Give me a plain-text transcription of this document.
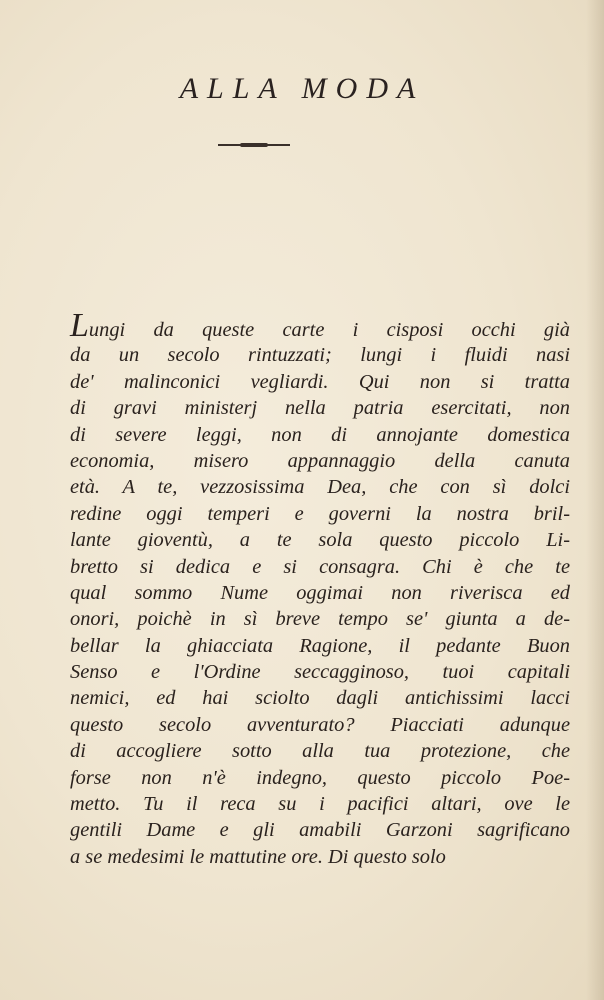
ALLA MODA
Lungi da queste carte i cisposi occhi già
da un secolo rintuzzati; lungi i fluidi nasi
de' malinconici vegliardi. Qui non si tratta
di gravi ministerj nella patria esercitati, non
di severe leggi, non di annojante domestica
economia, misero appannaggio della canuta
età. A te, vezzosissima Dea, che con sì dolci
redine oggi temperi e governi la nostra bril-
lante gioventù, a te sola questo piccolo Li-
bretto si dedica e si consagra. Chi è che te
qual sommo Nume oggimai non riverisca ed
onori, poichè in sì breve tempo se' giunta a de-
bellar la ghiacciata Ragione, il pedante Buon
Senso e l'Ordine seccagginoso, tuoi capitali
nemici, ed hai sciolto dagli antichissimi lacci
questo secolo avventurato? Piacciati adunque
di accogliere sotto alla tua protezione, che
forse non n'è indegno, questo piccolo Poe-
metto. Tu il reca su i pacifici altari, ove le
gentili Dame e gli amabili Garzoni sagrificano
a se medesimi le mattutine ore. Di questo solo
